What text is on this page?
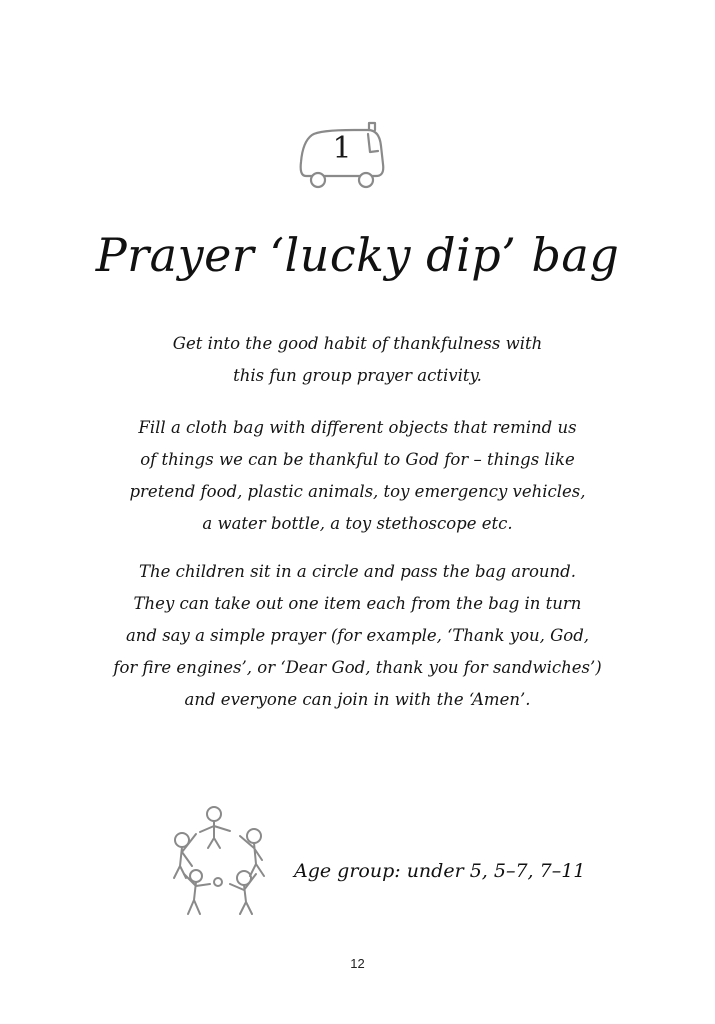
1
Prayer ‘lucky dip’ bag

Get into the good habit of thankfulness with
this fun group prayer activity.

Fill a cloth bag with different objects that remind us
of things we can be thankful to God for – things like
pretend food, plastic animals, toy emergency vehicles,
a water bottle, a toy stethoscope etc.

The children sit in a circle and pass the bag around.
They can take out one item each from the bag in turn
and say a simple prayer (for example, ‘Thank you, God,
for fire engines’, or ‘Dear God, thank you for sandwiches’)
and everyone can join in with the ‘Amen’.

Age group: under 5, 5–7, 7–11
12
